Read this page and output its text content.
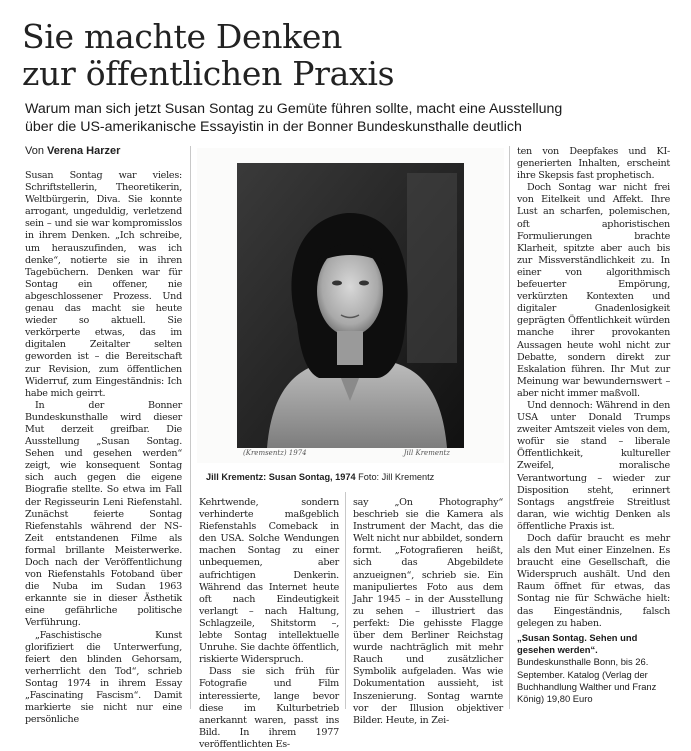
Sie machte Denken
zur öffentlichen Praxis

Warum man sich jetzt Susan Sontag zu Gemüte führen sollte, macht eine Ausstellung über die US-amerikanische Essayistin in der Bonner Bundeskunsthalle deutlich

Von Verena Harzer

Susan Sontag war vieles: Schriftstellerin, Theoretikerin, Weltbürgerin, Diva. Sie konnte arrogant, ungeduldig, verletzend sein – und sie war kompromisslos in ihrem Denken. „Ich schreibe, um herauszufinden, was ich denke“, notierte sie in ihren Tagebüchern. Denken war für Sontag ein offener, nie abgeschlossener Prozess. Und genau das macht sie heute wieder so aktuell. Sie verkörperte etwas, das im digitalen Zeitalter selten geworden ist – die Bereitschaft zur Revision, zum öffentlichen Widerruf, zum Eingeständnis: Ich habe mich geirrt.

In der Bonner Bundeskunsthalle wird dieser Mut derzeit greifbar. Die Ausstellung „Susan Sontag. Sehen und gesehen werden“ zeigt, wie konsequent Sontag sich auch gegen die eigene Biografie stellte. So etwa im Fall der Regisseurin Leni Riefenstahl. Zunächst feierte Sontag Riefenstahls während der NS-Zeit entstandenen Filme als formal brillante Meisterwerke. Doch nach der Veröffentlichung von Riefenstahls Fotoband über die Nuba im Sudan 1963 erkannte sie in dieser Ästhetik eine gefährliche politische Verführung.

„Faschistische Kunst glorifiziert die Unterwerfung, feiert den blinden Gehorsam, verherrlicht den Tod“, schrieb Sontag 1974 in ihrem Essay „Fascinating Fascism“. Damit markierte sie nicht nur eine persönliche

(Kremsentz) 1974	Jill Krementz
Jill Krementz: Susan Sontag, 1974 Foto: Jill Krementz

Kehrtwende, sondern verhinderte maßgeblich Riefenstahls Comeback in den USA. Solche Wendungen machen Sontag zu einer unbequemen, aber aufrichtigen Denkerin. Während das Internet heute oft nach Eindeutigkeit verlangt – nach Haltung, Schlagzeile, Shitstorm –, lebte Sontag intellektuelle Unruhe. Sie dachte öffentlich, riskierte Widerspruch.

Dass sie sich früh für Fotografie und Film interessierte, lange bevor diese im Kulturbetrieb anerkannt waren, passt ins Bild. In ihrem 1977 veröffentlichten Es-

say „On Photography“ beschrieb sie die Kamera als Instrument der Macht, das die Welt nicht nur abbildet, sondern formt. „Fotografieren heißt, sich das Abgebildete anzueignen“, schrieb sie. Ein manipuliertes Foto aus dem Jahr 1945 – in der Ausstellung zu sehen – illustriert das perfekt: Die gehisste Flagge über dem Berliner Reichstag wurde nachträglich mit mehr Rauch und zusätzlicher Symbolik aufgeladen. Was wie Dokumentation aussieht, ist Inszenierung. Sontag warnte vor der Illusion objektiver Bilder. Heute, in Zei-

ten von Deepfakes und KI-generierten Inhalten, erscheint ihre Skepsis fast prophetisch.

Doch Sontag war nicht frei von Eitelkeit und Affekt. Ihre Lust an scharfen, polemischen, oft aphoristischen Formulierungen brachte Klarheit, spitzte aber auch bis zur Missverständlichkeit zu. In einer von algorithmisch befeuerter Empörung, verkürzten Kontexten und digitaler Gnadenlosigkeit geprägten Öffentlichkeit würden manche ihrer provokanten Aussagen heute wohl nicht zur Debatte, sondern direkt zur Eskalation führen. Ihr Mut zur Meinung war bewundernswert – aber nicht immer maßvoll.

Und dennoch: Während in den USA unter Donald Trumps zweiter Amtszeit vieles von dem, wofür sie stand – liberale Öffentlichkeit, kultureller Zweifel, moralische Verantwortung – wieder zur Disposition steht, erinnert Sontags angstfreie Streitlust daran, wie wichtig Denken als öffentliche Praxis ist.

Doch dafür braucht es mehr als den Mut einer Einzelnen. Es braucht eine Gesellschaft, die Widerspruch aushält. Und den Raum öffnet für etwas, das Sontag nie für Schwäche hielt: das Eingeständnis, falsch gelegen zu haben.

„Susan Sontag. Sehen und gesehen werden“. Bundeskunsthalle Bonn, bis 26. September. Katalog (Verlag der Buchhandlung Walther und Franz König) 19,80 Euro
